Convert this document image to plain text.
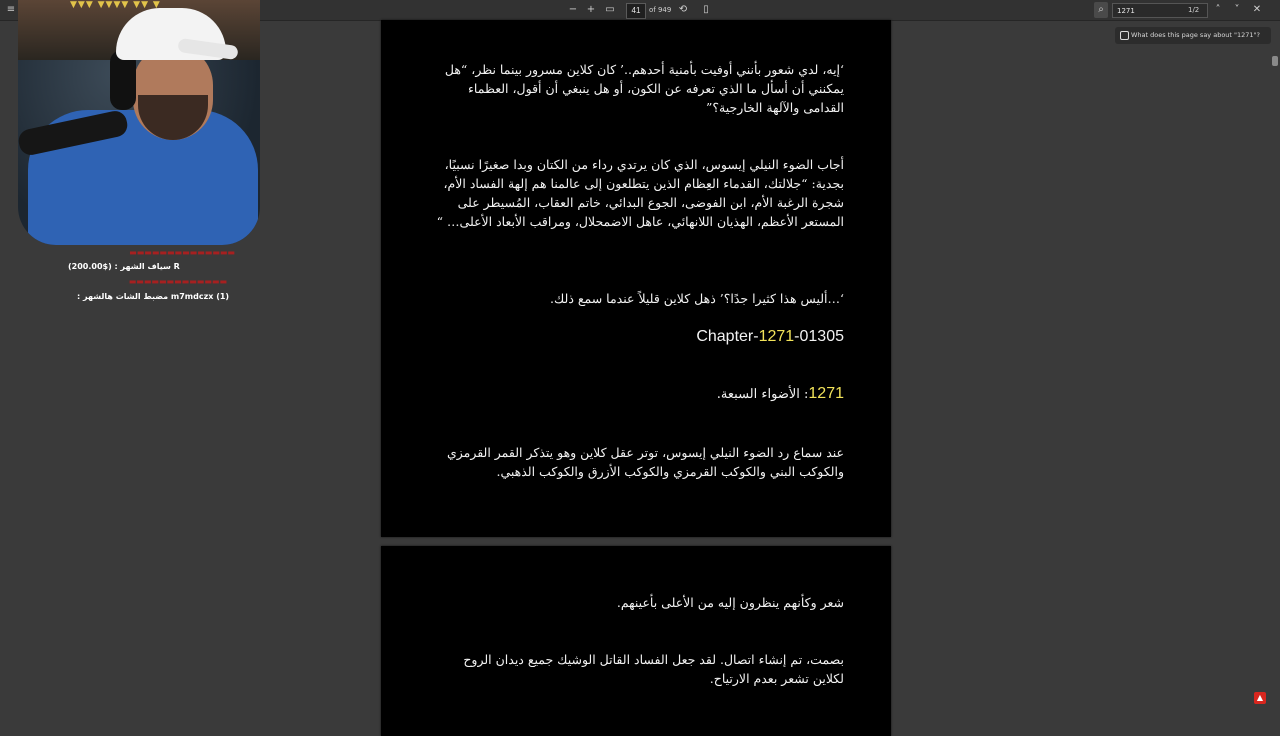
≡	− + ▭
41	of 949 ⟲	▯	⌕	1271	1/2	˄	˅	✕
What does this page say about "1271"?

‘إيه، لدي شعور بأنني أوفيت بأمنية أحدهم..’ كان كلاين مسرور بينما نظر، “هل يمكنني أن أسأل ما الذي تعرفه عن الكون، أو هل ينبغي أن أقول، العظماء القدامى والآلهة الخارجية؟”

أجاب الضوء النيلي إيسوس، الذي كان يرتدي رداء من الكتان وبدا صغيرًا نسبيًا، بجدية: “جلالتك، القدماء العِظام الذين يتطلعون إلى عالمنا هم إلهة الفساد الأم، شجرة الرغبة الأم، ابن الفوضى، الجوع البدائي، خاتم العقاب، المُسيطر على المستعر الأعظم، الهذيان اللانهائي، عاهل الاضمحلال، ومراقب الأبعاد الأعلى… “

‘…أليس هذا كثيرا جدًا؟’ ذهل كلاين قليلاً عندما سمع ذلك.

Chapter-1271-01305
1271: الأضواء السبعة.

عند سماع رد الضوء النيلي إيسوس، توتر عقل كلاين وهو يتذكر القمر القرمزي والكوكب البني والكوكب القرمزي والكوكب الأزرق والكوكب الذهبي.

شعر وكأنهم ينظرون إليه من الأعلى بأعينهم.

بصمت، تم إنشاء اتصال. لقد جعل الفساد القاتل الوشيك جميع ديدان الروح لكلاين تشعر بعدم الارتياح.

▼▼▼ ▼▼▼▼ ▼▼ ▼
▬▬▬▬▬▬▬▬▬▬▬▬▬▬
سياف الشهر : ($200.00) R
▬▬▬▬▬▬▬▬▬▬▬▬▬
m7mdczx (1) مضبط الشات هالشهر :
▲
